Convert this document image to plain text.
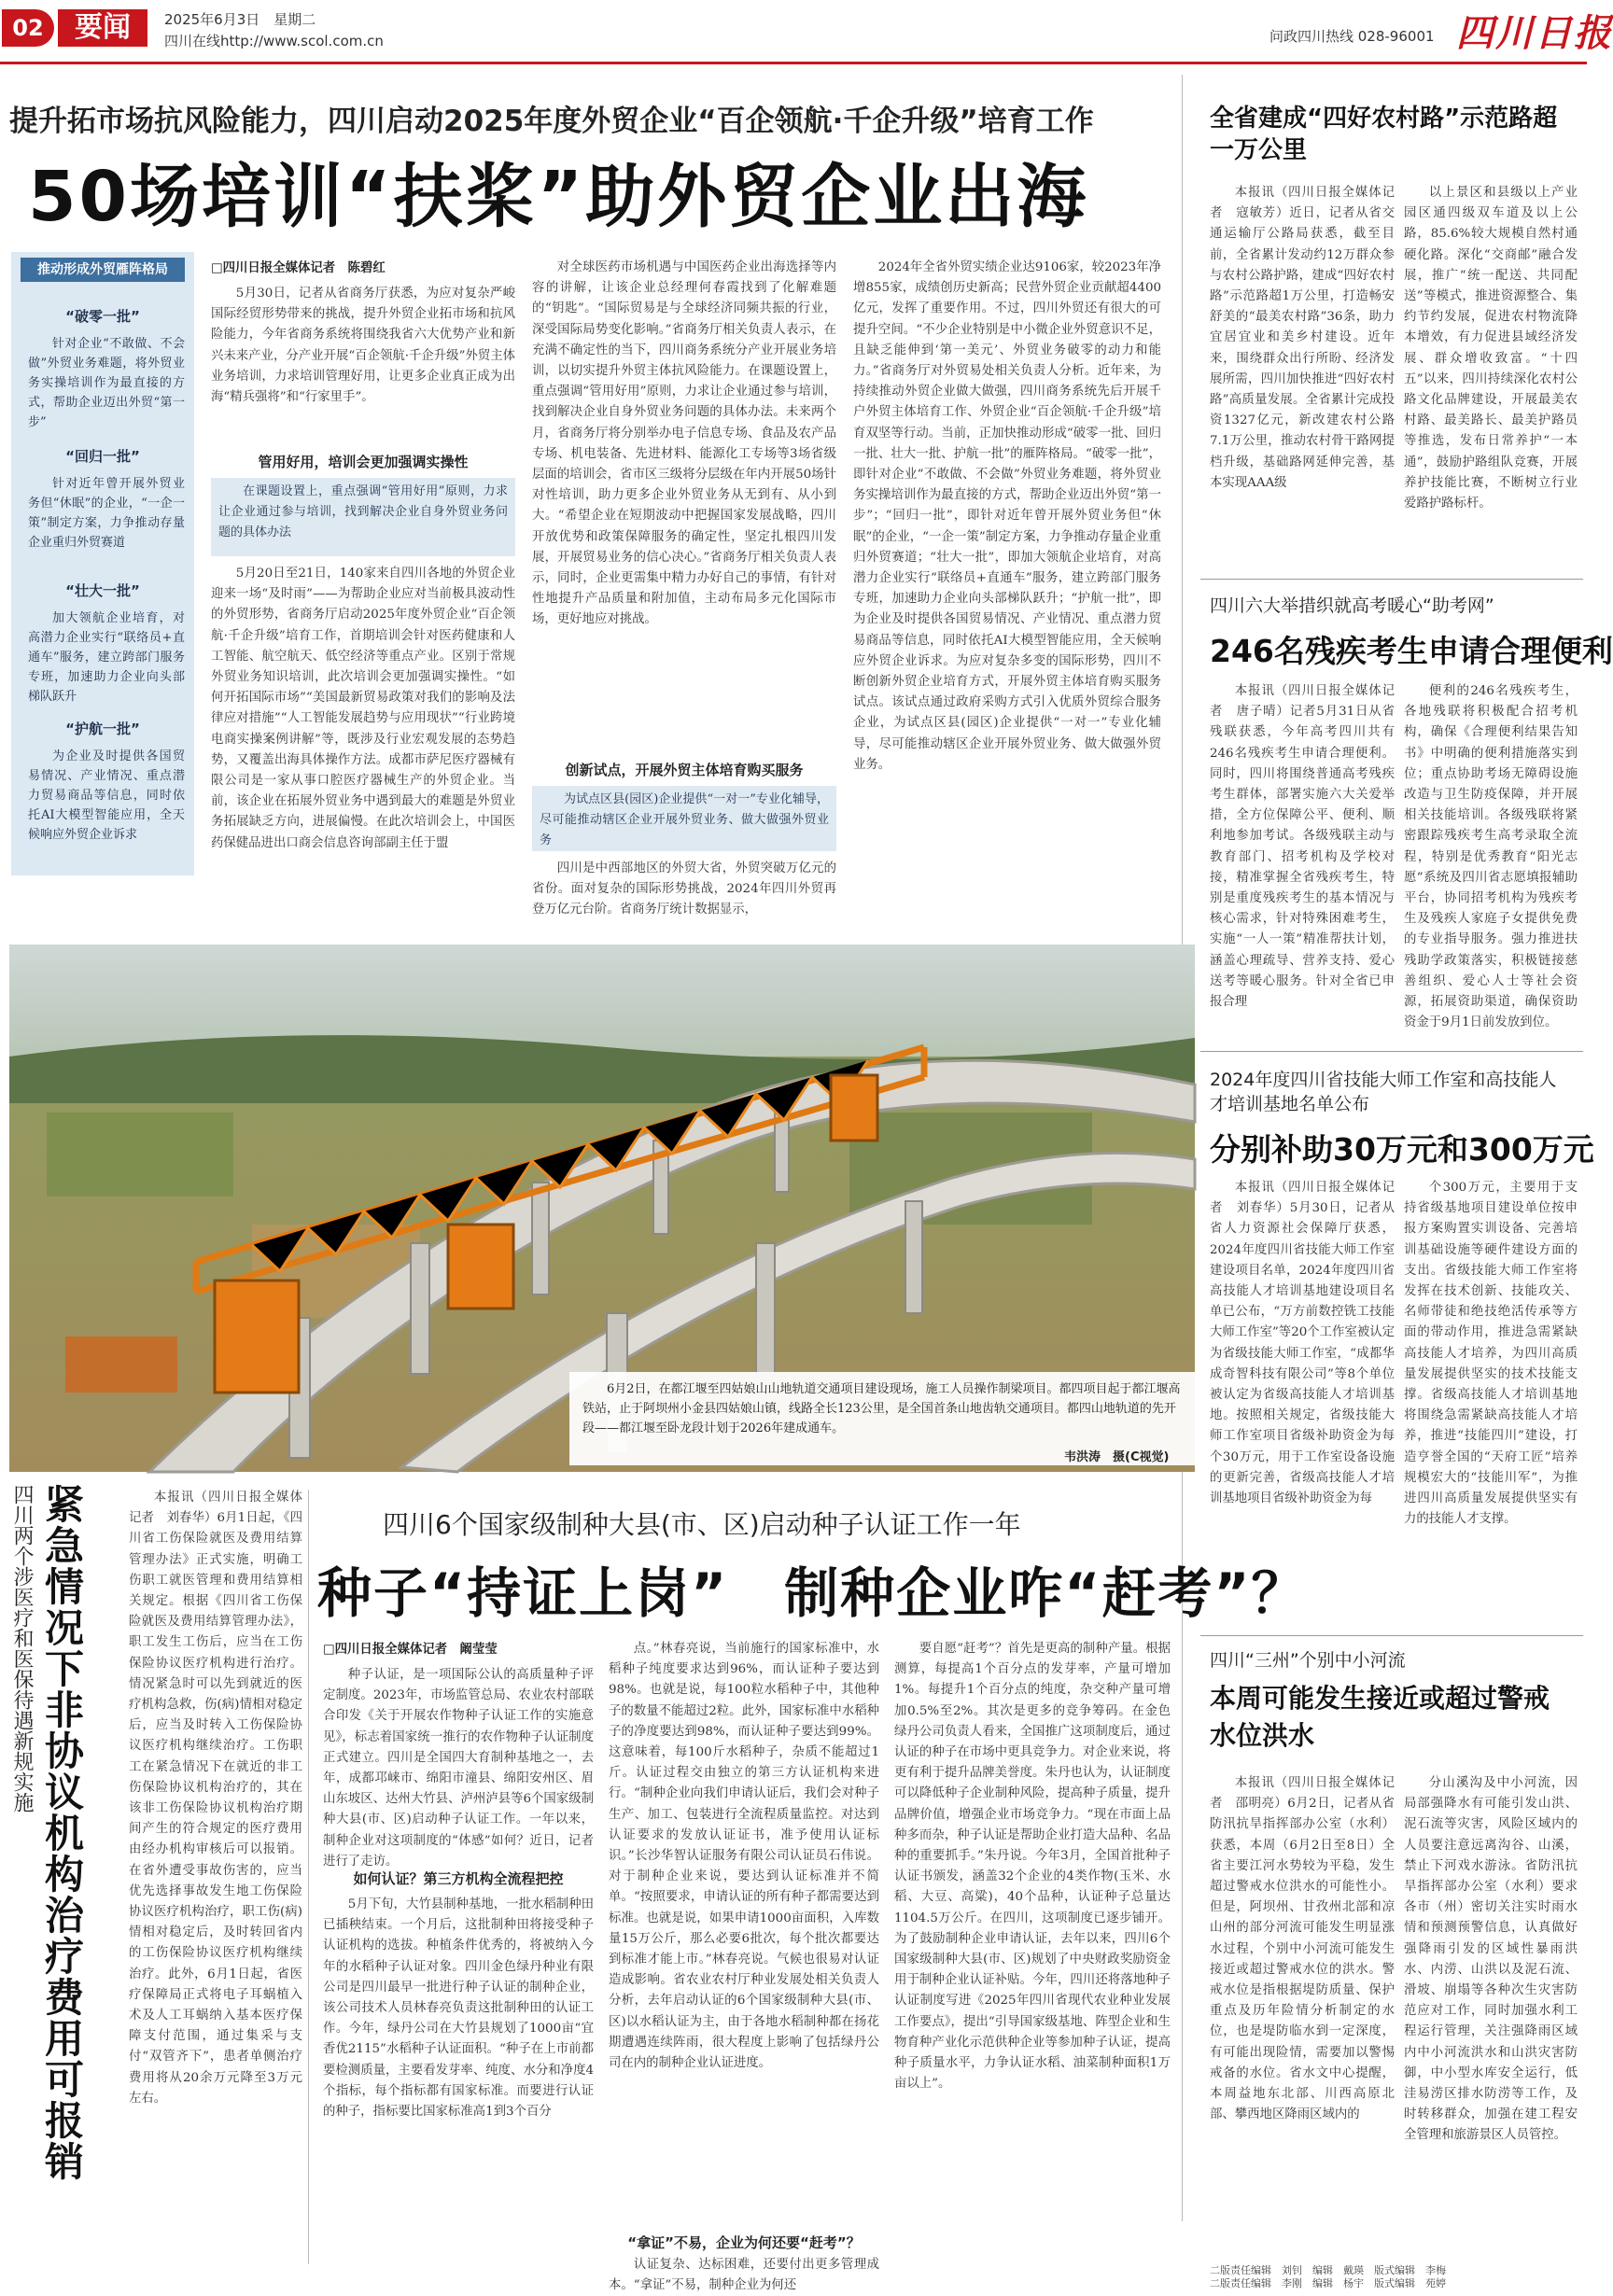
02	要闻	2025年6月3日　星期二
四川在线http://www.scol.com.cn	问政四川热线 028-96001 四川日报
提升拓市场抗风险能力，四川启动2025年度外贸企业“百企领航·千企升级”培育工作
50场培训“扶桨”助外贸企业出海
“破零一批”
针对企业“不敢做、不会做”外贸业务难题，将外贸业务实操培训作为最直接的方式，帮助企业迈出外贸“第一步”
“回归一批”
针对近年曾开展外贸业务但“休眠”的企业，“一企一策”制定方案，力争推动存量企业重归外贸赛道
“壮大一批”
加大领航企业培育，对高潜力企业实行“联络员+直通车”服务，建立跨部门服务专班，加速助力企业向头部梯队跃升
“护航一批”
为企业及时提供各国贸易情况、产业情况、重点潜力贸易商品等信息，同时依托AI大模型智能应用，全天候响应外贸企业诉求
推动形成外贸雁阵格局	□四川日报全媒体记者　陈碧红

5月30日，记者从省商务厅获悉，为应对复杂严峻国际经贸形势带来的挑战，提升外贸企业拓市场和抗风险能力，今年省商务系统将围绕我省六大优势产业和新兴未来产业，分产业开展“百企领航·千企升级”外贸主体业务培训，力求培训管理好用，让更多企业真正成为出海“精兵强将”和“行家里手”。

管用好用，培训会更加强调实操性
在课题设置上，重点强调“管用好用”原则，力求让企业通过参与培训，找到解决企业自身外贸业务问题的具体办法

5月20日至21日，140家来自四川各地的外贸企业迎来一场“及时雨”——为帮助企业应对当前极具波动性的外贸形势，省商务厅启动2025年度外贸企业“百企领航·千企升级”培育工作，首期培训会针对医药健康和人工智能、航空航天、低空经济等重点产业。区别于常规外贸业务知识培训，此次培训会更加强调实操性。“如何开拓国际市场”“美国最新贸易政策对我们的影响及法律应对措施”“人工智能发展趋势与应用现状”“行业跨境电商实操案例讲解”等，既涉及行业宏观发展的态势趋势，又覆盖出海具体操作方法。成都市萨尼医疗器械有限公司是一家从事口腔医疗器械生产的外贸企业。当前，该企业在拓展外贸业务中遇到最大的难题是外贸业务拓展缺乏方向，进展偏慢。在此次培训会上，中国医药保健品进出口商会信息咨询部副主任于盟

对全球医药市场机遇与中国医药企业出海选择等内容的讲解，让该企业总经理何春霞找到了化解难题的“钥匙”。“国际贸易是与全球经济同频共振的行业，深受国际局势变化影响。”省商务厅相关负责人表示，在充满不确定性的当下，四川商务系统分产业开展业务培训，以切实提升外贸主体抗风险能力。在课题设置上，重点强调“管用好用”原则，力求让企业通过参与培训，找到解决企业自身外贸业务问题的具体办法。未来两个月，省商务厅将分别举办电子信息专场、食品及农产品专场、机电装备、先进材料、能源化工专场等3场省级层面的培训会，省市区三级将分层级在年内开展50场针对性培训，助力更多企业外贸业务从无到有、从小到大。“希望企业在短期波动中把握国家发展战略，四川开放优势和政策保障服务的确定性，坚定扎根四川发展，开展贸易业务的信心决心。”省商务厅相关负责人表示，同时，企业更需集中精力办好自己的事情，有针对性地提升产品质量和附加值，主动布局多元化国际市场，更好地应对挑战。

创新试点，开展外贸主体培育购买服务
为试点区县(园区)企业提供“一对一”专业化辅导，尽可能推动辖区企业开展外贸业务、做大做强外贸业务

四川是中西部地区的外贸大省，外贸突破万亿元的省份。面对复杂的国际形势挑战，2024年四川外贸再登万亿元台阶。省商务厅统计数据显示，

2024年全省外贸实绩企业达9106家，较2023年净增855家，成绩创历史新高；民营外贸企业贡献超4400亿元，发挥了重要作用。不过，四川外贸还有很大的可提升空间。“不少企业特别是中小微企业外贸意识不足，且缺乏能伸到‘第一美元’、外贸业务破零的动力和能力。”省商务厅对外贸易处相关负责人分析。近年来，为持续推动外贸企业做大做强，四川商务系统先后开展千户外贸主体培育工作、外贸企业“百企领航·千企升级”培育双坚等行动。当前，正加快推动形成“破零一批、回归一批、壮大一批、护航一批”的雁阵格局。“破零一批”，即针对企业“不敢做、不会做”外贸业务难题，将外贸业务实操培训作为最直接的方式，帮助企业迈出外贸“第一步”；“回归一批”，即针对近年曾开展外贸业务但“休眠”的企业，“一企一策”制定方案，力争推动存量企业重归外贸赛道；“壮大一批”，即加大领航企业培育，对高潜力企业实行“联络员+直通车”服务，建立跨部门服务专班，加速助力企业向头部梯队跃升；“护航一批”，即为企业及时提供各国贸易情况、产业情况、重点潜力贸易商品等信息，同时依托AI大模型智能应用，全天候响应外贸企业诉求。为应对复杂多变的国际形势，四川不断创新外贸企业培育方式，开展外贸主体培育购买服务试点。该试点通过政府采购方式引入优质外贸综合服务企业，为试点区县(园区)企业提供“一对一”专业化辅导，尽可能推动辖区企业开展外贸业务、做大做强外贸业务。

全省建成“四好农村路”示范路超一万公里

本报讯（四川日报全媒体记者　寇敏芳）近日，记者从省交通运输厅公路局获悉，截至目前，全省累计发动约12万群众参与农村公路护路，建成“四好农村路”示范路超1万公里，打造畅安舒美的“最美农村路”36条，助力宜居宜业和美乡村建设。近年来，围绕群众出行所盼、经济发展所需，四川加快推进“四好农村路”高质量发展。全省累计完成投资1327亿元，新改建农村公路7.1万公里，推动农村骨干路网提档升级，基础路网延伸完善，基本实现AAA级

以上景区和县级以上产业园区通四级双车道及以上公路，85.6%较大规模自然村通硬化路。深化“交商邮”融合发展，推广“统一配送、共同配送”等模式，推进资源整合、集约节约发展，促进农村物流降本增效，有力促进县域经济发展、群众增收致富。“十四五”以来，四川持续深化农村公路文化品牌建设，开展最美农村路、最美路长、最美护路员等推选，发布日常养护“一本通”，鼓励护路组队竞赛，开展养护技能比赛，不断树立行业爱路护路标杆。

四川六大举措织就高考暖心“助考网”
246名残疾考生申请合理便利

本报讯（四川日报全媒体记者　唐子晴）记者5月31日从省残联获悉，今年高考四川共有246名残疾考生申请合理便利。同时，四川将围绕普通高考残疾考生群体，部署实施六大关爱举措，全方位保障公平、便利、顺利地参加考试。各级残联主动与教育部门、招考机构及学校对接，精准掌握全省残疾考生，特别是重度残疾考生的基本情况与核心需求，针对特殊困难考生，实施“一人一策”精准帮扶计划，涵盖心理疏导、营养支持、爱心送考等暖心服务。针对全省已申报合理

便利的246名残疾考生，各地残联将积极配合招考机构，确保《合理便利结果告知书》中明确的便利措施落实到位；重点协助考场无障碍设施改造与卫生防疫保障，并开展相关技能培训。各级残联将紧密跟踪残疾考生高考录取全流程，特别是优秀教育“阳光志愿”系统及四川省志愿填报辅助平台，协同招考机构为残疾考生及残疾人家庭子女提供免费的专业指导服务。强力推进扶残助学政策落实，积极链接慈善组织、爱心人士等社会资源，拓展资助渠道，确保资助资金于9月1日前发放到位。

2024年度四川省技能大师工作室和高技能人才培训基地名单公布
分别补助30万元和300万元

本报讯（四川日报全媒体记者　刘春华）5月30日，记者从省人力资源社会保障厅获悉，2024年度四川省技能大师工作室建设项目名单，2024年度四川省高技能人才培训基地建设项目名单已公布，“万方前数控铣工技能大师工作室”等20个工作室被认定为省级技能大师工作室，“成都华成奇智科技有限公司”等8个单位被认定为省级高技能人才培训基地。按照相关规定，省级技能大师工作室项目省级补助资金为每个30万元，用于工作室设备设施的更新完善，省级高技能人才培训基地项目省级补助资金为每

个300万元，主要用于支持省级基地项目建设单位按申报方案购置实训设备、完善培训基础设施等硬件建设方面的支出。省级技能大师工作室将发挥在技术创新、技能攻关、名师带徒和绝技绝活传承等方面的带动作用，推进急需紧缺高技能人才培养，为四川高质量发展提供坚实的技术技能支撑。省级高技能人才培训基地将围绕急需紧缺高技能人才培养，推进“技能四川”建设，打造亨誉全国的“天府工匠”培养规模宏大的“技能川军”，为推进四川高质量发展提供坚实有力的技能人才支撑。

四川“三州”个别中小河流
本周可能发生接近或超过警戒水位洪水

本报讯（四川日报全媒体记者　邵明亮）6月2日，记者从省防汛抗旱指挥部办公室（水利）获悉，本周（6月2日至8日）全省主要江河水势较为平稳，发生超过警戒水位洪水的可能性小。但是，阿坝州、甘孜州北部和凉山州的部分河流可能发生明显涨水过程，个别中小河流可能发生接近或超过警戒水位的洪水。警戒水位是指根据堤防质量、保护重点及历年险情分析制定的水位，也是堤防临水到一定深度，有可能出现险情，需要加以警惕戒备的水位。省水文中心提醒，本周益地东北部、川西高原北部、攀西地区降雨区域内的

分山溪沟及中小河流，因局部强降水有可能引发山洪、泥石流等灾害，风险区域内的人员要注意远离沟谷、山溪，禁止下河戏水游泳。省防汛抗旱指挥部办公室（水利）要求各市（州）密切关注实时雨水情和预测预警信息，认真做好强降雨引发的区域性暴雨洪水、内涝、山洪以及泥石流、滑坡、崩塌等各种次生灾害防范应对工作，同时加强水利工程运行管理，关注强降雨区域内中小河流洪水和山洪灾害防御，中小型水库安全运行，低洼易涝区排水防涝等工作，及时转移群众，加强在建工程安全管理和旅游景区人员管控。

6月2日，在都江堰至四姑娘山山地轨道交通项目建设现场，施工人员操作制梁项目。都四项目起于都江堰高铁站，止于阿坝州小金县四姑娘山镇，线路全长123公里，是全国首条山地齿轨交通项目。都四山地轨道的先开段——都江堰至卧龙段计划于2026年建成通车。
韦洪涛　摄(C视觉)
四川两个涉医疗和医保待遇新规实施 紧急情况下非协议机构治疗费用可报销	本报讯（四川日报全媒体记者　刘春华）6月1日起，《四川省工伤保险就医及费用结算管理办法》正式实施，明确工伤职工就医管理和费用结算相关规定。根据《四川省工伤保险就医及费用结算管理办法》，职工发生工伤后，应当在工伤保险协议医疗机构进行治疗。情况紧急时可以先到就近的医疗机构急救，伤(病)情相对稳定后，应当及时转入工伤保险协议医疗机构继续治疗。工伤职工在紧急情况下在就近的非工伤保险协议机构治疗的，其在该非工伤保险协议机构治疗期间产生的符合规定的医疗费用由经办机构审核后可以报销。在省外遭受事故伤害的，应当优先选择事故发生地工伤保险协议医疗机构治疗，职工伤(病)情相对稳定后，及时转回省内的工伤保险协议医疗机构继续治疗。此外，6月1日起，省医疗保障局正式将电子耳蜗植入术及人工耳蜗纳入基本医疗保障支付范围，通过集采与支付“双管齐下”，患者单侧治疗费用将从20余万元降至3万元左右。

四川6个国家级制种大县(市、区)启动种子认证工作一年
种子“持证上岗”　制种企业咋“赶考”？
□四川日报全媒体记者　阚莹莹

种子认证，是一项国际公认的高质量种子评定制度。2023年，市场监管总局、农业农村部联合印发《关于开展农作物种子认证工作的实施意见》，标志着国家统一推行的农作物种子认证制度正式建立。四川是全国四大育制种基地之一，去年，成都邛崃市、绵阳市潼县、绵阳安州区、眉山东坡区、达州大竹县、泸州泸县等6个国家级制种大县(市、区)启动种子认证工作。一年以来，制种企业对这项制度的“体感”如何？近日，记者进行了走访。

如何认证？第三方机构全流程把控

5月下旬，大竹县制种基地，一批水稻制种田已插秧结束。一个月后，这批制种田将接受种子认证机构的选拔。种植条件优秀的，将被纳入今年的水稻种子认证对象。四川金色绿丹种业有限公司是四川最早一批进行种子认证的制种企业，该公司技术人员林春亮负责这批制种田的认证工作。今年，绿丹公司在大竹县规划了1000亩“宜香优2115”水稻种子认证面积。“种子在上市前都要检测质量，主要看发芽率、纯度、水分和净度4个指标，每个指标都有国家标准。而要进行认证的种子，指标要比国家标准高1到3个百分

点。”林春亮说，当前施行的国家标准中，水稻种子纯度要求达到96%，而认证种子要达到98%。也就是说，每100粒水稻种子中，其他种子的数量不能超过2粒。此外，国家标准中水稻种子的净度要达到98%，而认证种子要达到99%。这意味着，每100斤水稻种子，杂质不能超过1斤。认证过程交由独立的第三方认证机构来进行。“制种企业向我们申请认证后，我们会对种子生产、加工、包装进行全流程质量监控。对达到认证要求的发放认证证书，准予使用认证标识。”长沙华智认证服务有限公司认证员石伟说。对于制种企业来说，要达到认证标准并不简单。“按照要求，申请认证的所有种子都需要达到标准。也就是说，如果申请1000亩面积，入库数量15万公斤，那么必要6批次，每个批次都要达到标准才能上市。”林春亮说。气候也很易对认证造成影响。省农业农村厅种业发展处相关负责人分析，去年启动认证的6个国家级制种大县(市、区)以水稻认证为主，由于各地水稻制种都在扬花期遭遇连续阵雨，很大程度上影响了包括绿丹公司在内的制种企业认证进度。

“拿证”不易，企业为何还要“赶考”？

认证复杂、达标困难，还要付出更多管理成本。“拿证”不易，制种企业为何还

要自愿“赶考”？首先是更高的制种产量。根据测算，每提高1个百分点的发芽率，产量可增加1%。每提升1个百分点的纯度，杂交种产量可增加0.5%至2%。其次是更多的竞争筹码。在金色绿丹公司负责人看来，全国推广这项制度后，通过认证的种子在市场中更具竞争力。对企业来说，将更有利于提升品牌美誉度。朱丹也认为，认证制度可以降低种子企业制种风险，提高种子质量，提升品牌价值，增强企业市场竞争力。“现在市面上品种多而杂，种子认证是帮助企业打造大品种、名品种的重要抓手。”朱丹说。今年3月，全国首批种子认证书颁发，涵盖32个企业的4类作物(玉米、水稻、大豆、高粱)，40个品种，认证种子总量达1104.5万公斤。在四川，这项制度已逐步铺开。为了鼓励制种企业申请认证，去年以来，四川6个国家级制种大县(市、区)规划了中央财政奖励资金用于制种企业认证补贴。今年，四川还将落地种子认证制度写进《2025年四川省现代农业种业发展工作要点》，提出“引导国家级基地、阵型企业和生物育种产业化示范供种企业等参加种子认证，提高种子质量水平，力争认证水稻、油菜制种面积1万亩以上”。

二版责任编辑　刘钊　编辑　戴瑛　版式编辑　李梅
二版责任编辑　李刚　编辑　杨宇　版式编辑　苑婷
